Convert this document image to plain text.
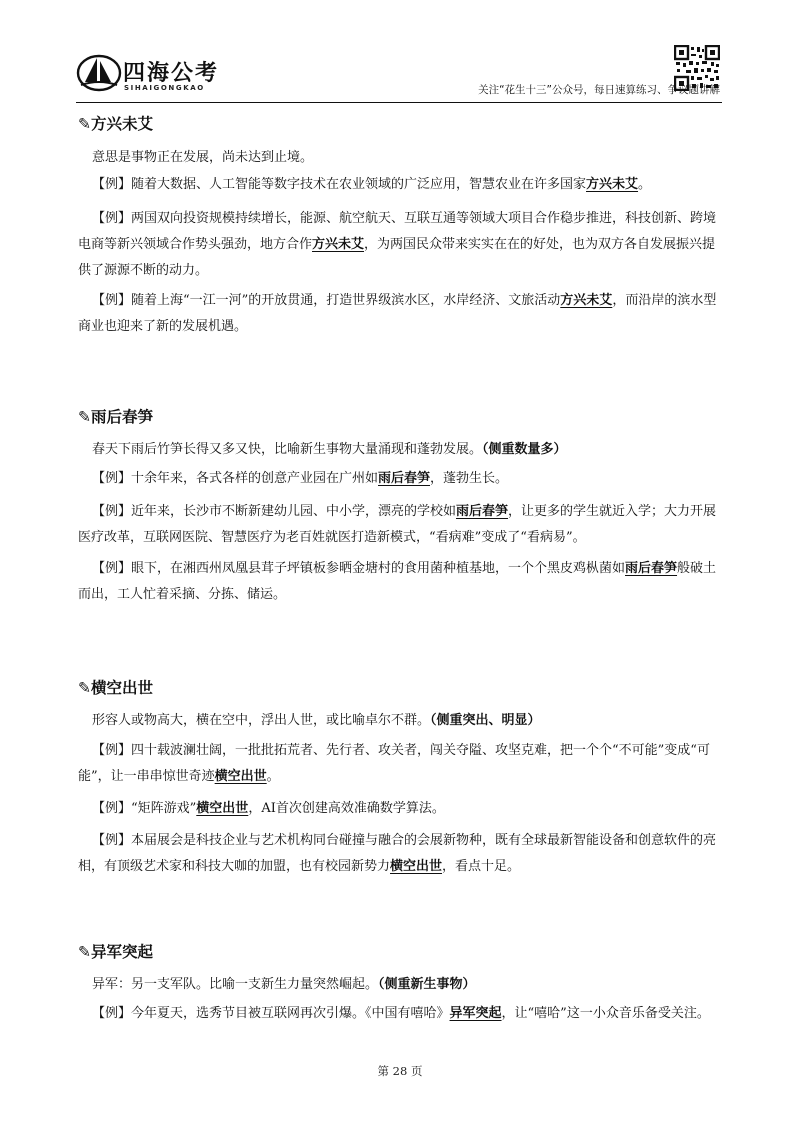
四海公考
SIHAIGONGKAO	关注“花生十三”公众号，每日速算练习、争议题讲解
✎方兴未艾
意思是事物正在发展，尚未达到止境。
【例】随着大数据、人工智能等数字技术在农业领域的广泛应用，智慧农业在许多国家方兴未艾。
【例】两国双向投资规模持续增长，能源、航空航天、互联互通等领域大项目合作稳步推进，科技创新、跨境电商等新兴领域合作势头强劲，地方合作方兴未艾，为两国民众带来实实在在的好处，也为双方各自发展振兴提供了源源不断的动力。
【例】随着上海“一江一河”的开放贯通，打造世界级滨水区，水岸经济、文旅活动方兴未艾，而沿岸的滨水型商业也迎来了新的发展机遇。
✎雨后春笋
春天下雨后竹笋长得又多又快，比喻新生事物大量涌现和蓬勃发展。（侧重数量多）
【例】十余年来，各式各样的创意产业园在广州如雨后春笋，蓬勃生长。
【例】近年来，长沙市不断新建幼儿园、中小学，漂亮的学校如雨后春笋，让更多的学生就近入学；大力开展医疗改革，互联网医院、智慧医疗为老百姓就医打造新模式，“看病难”变成了“看病易”。
【例】眼下，在湘西州凤凰县茸子坪镇板参晒金塘村的食用菌种植基地，一个个黑皮鸡枞菌如雨后春笋般破土而出，工人忙着采摘、分拣、储运。
✎横空出世
形容人或物高大，横在空中，浮出人世，或比喻卓尔不群。（侧重突出、明显）
【例】四十载波澜壮阔，一批批拓荒者、先行者、攻关者，闯关夺隘、攻坚克难，把一个个“不可能”变成“可能”，让一串串惊世奇迹横空出世。
【例】“矩阵游戏”横空出世，AI首次创建高效准确数学算法。
【例】本届展会是科技企业与艺术机构同台碰撞与融合的会展新物种，既有全球最新智能设备和创意软件的亮相，有顶级艺术家和科技大咖的加盟，也有校园新势力横空出世，看点十足。
✎异军突起
异军：另一支军队。比喻一支新生力量突然崛起。（侧重新生事物）
【例】今年夏天，选秀节目被互联网再次引爆。《中国有嘻哈》异军突起，让“嘻哈”这一小众音乐备受关注。
第 28 页
